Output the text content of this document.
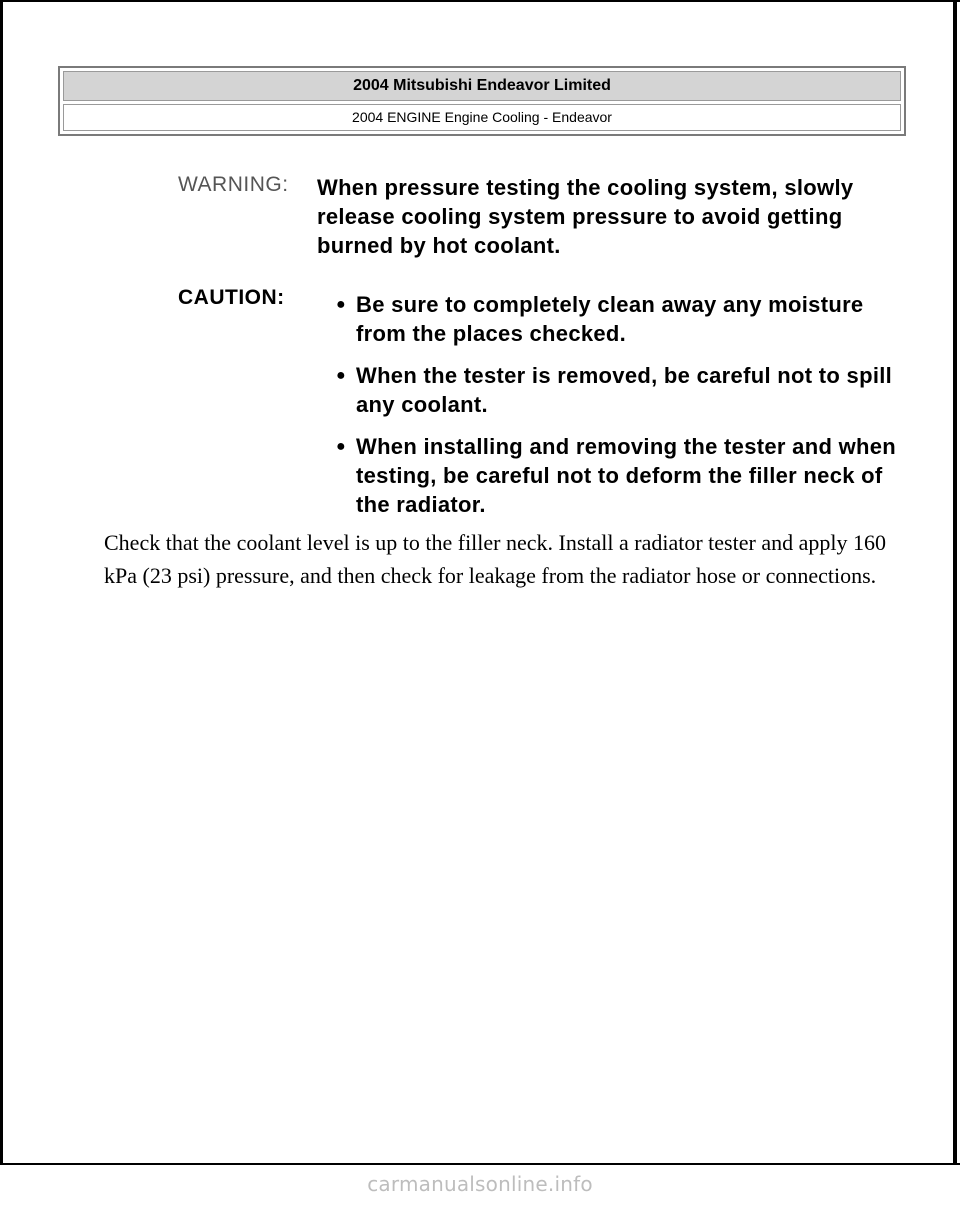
2004 Mitsubishi Endeavor Limited
2004 ENGINE Engine Cooling - Endeavor
WARNING: When pressure testing the cooling system, slowly release cooling system pressure to avoid getting burned by hot coolant.
CAUTION:	● Be sure to completely clean away any moisture from the places checked.
● When the tester is removed, be careful not to spill any coolant.
● When installing and removing the tester and when testing, be careful not to deform the filler neck of the radiator.

Check that the coolant level is up to the filler neck. Install a radiator tester and apply 160 kPa (23 psi) pressure, and then check for leakage from the radiator hose or connections.

carmanualsonline.info
